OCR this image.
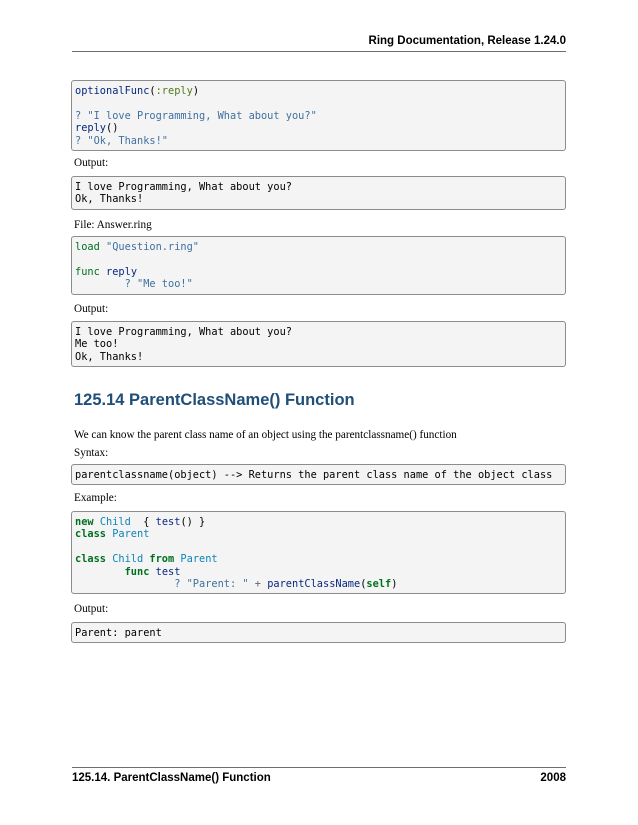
Ring Documentation, Release 1.24.0
optionalFunc(:reply)

? "I love Programming, What about you?"
reply()
? "Ok, Thanks!"
Output:
I love Programming, What about you?
Ok, Thanks!
File: Answer.ring
load "Question.ring"

func reply
? "Me too!"
Output:
I love Programming, What about you?
Me too!
Ok, Thanks!
125.14 ParentClassName() Function
We can know the parent class name of an object using the parentclassname() function
Syntax:
parentclassname(object) --> Returns the parent class name of the object class
Example:
new Child  { test() }
class Parent

class Child from Parent
func test
? "Parent: " + parentClassName(self)
Output:
Parent: parent
125.14. ParentClassName() Function	2008
